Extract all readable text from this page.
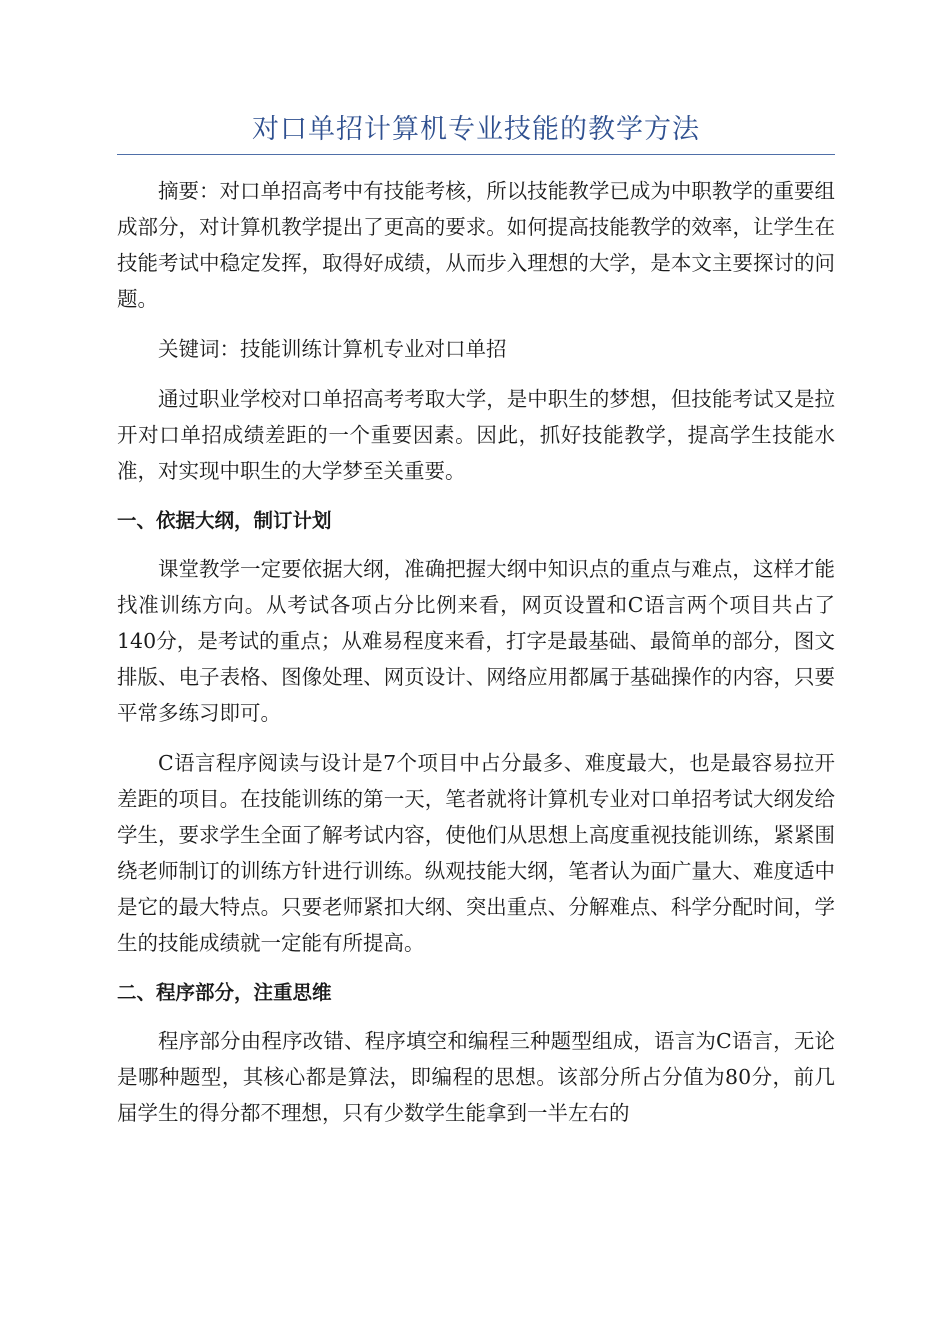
对口单招计算机专业技能的教学方法

摘要：对口单招高考中有技能考核，所以技能教学已成为中职教学的重要组成部分，对计算机教学提出了更高的要求。如何提高技能教学的效率，让学生在技能考试中稳定发挥，取得好成绩，从而步入理想的大学，是本文主要探讨的问题。

关键词：技能训练计算机专业对口单招

通过职业学校对口单招高考考取大学，是中职生的梦想，但技能考试又是拉开对口单招成绩差距的一个重要因素。因此，抓好技能教学，提高学生技能水准，对实现中职生的大学梦至关重要。

一、依据大纲，制订计划

课堂教学一定要依据大纲，准确把握大纲中知识点的重点与难点，这样才能找准训练方向。从考试各项占分比例来看，网页设置和C语言两个项目共占了140分，是考试的重点；从难易程度来看，打字是最基础、最简单的部分，图文排版、电子表格、图像处理、网页设计、网络应用都属于基础操作的内容，只要平常多练习即可。

C语言程序阅读与设计是7个项目中占分最多、难度最大，也是最容易拉开差距的项目。在技能训练的第一天，笔者就将计算机专业对口单招考试大纲发给学生，要求学生全面了解考试内容，使他们从思想上高度重视技能训练，紧紧围绕老师制订的训练方针进行训练。纵观技能大纲，笔者认为面广量大、难度适中是它的最大特点。只要老师紧扣大纲、突出重点、分解难点、科学分配时间，学生的技能成绩就一定能有所提高。

二、程序部分，注重思维

程序部分由程序改错、程序填空和编程三种题型组成，语言为C语言，无论是哪种题型，其核心都是算法，即编程的思想。该部分所占分值为80分，前几届学生的得分都不理想，只有少数学生能拿到一半左右的
